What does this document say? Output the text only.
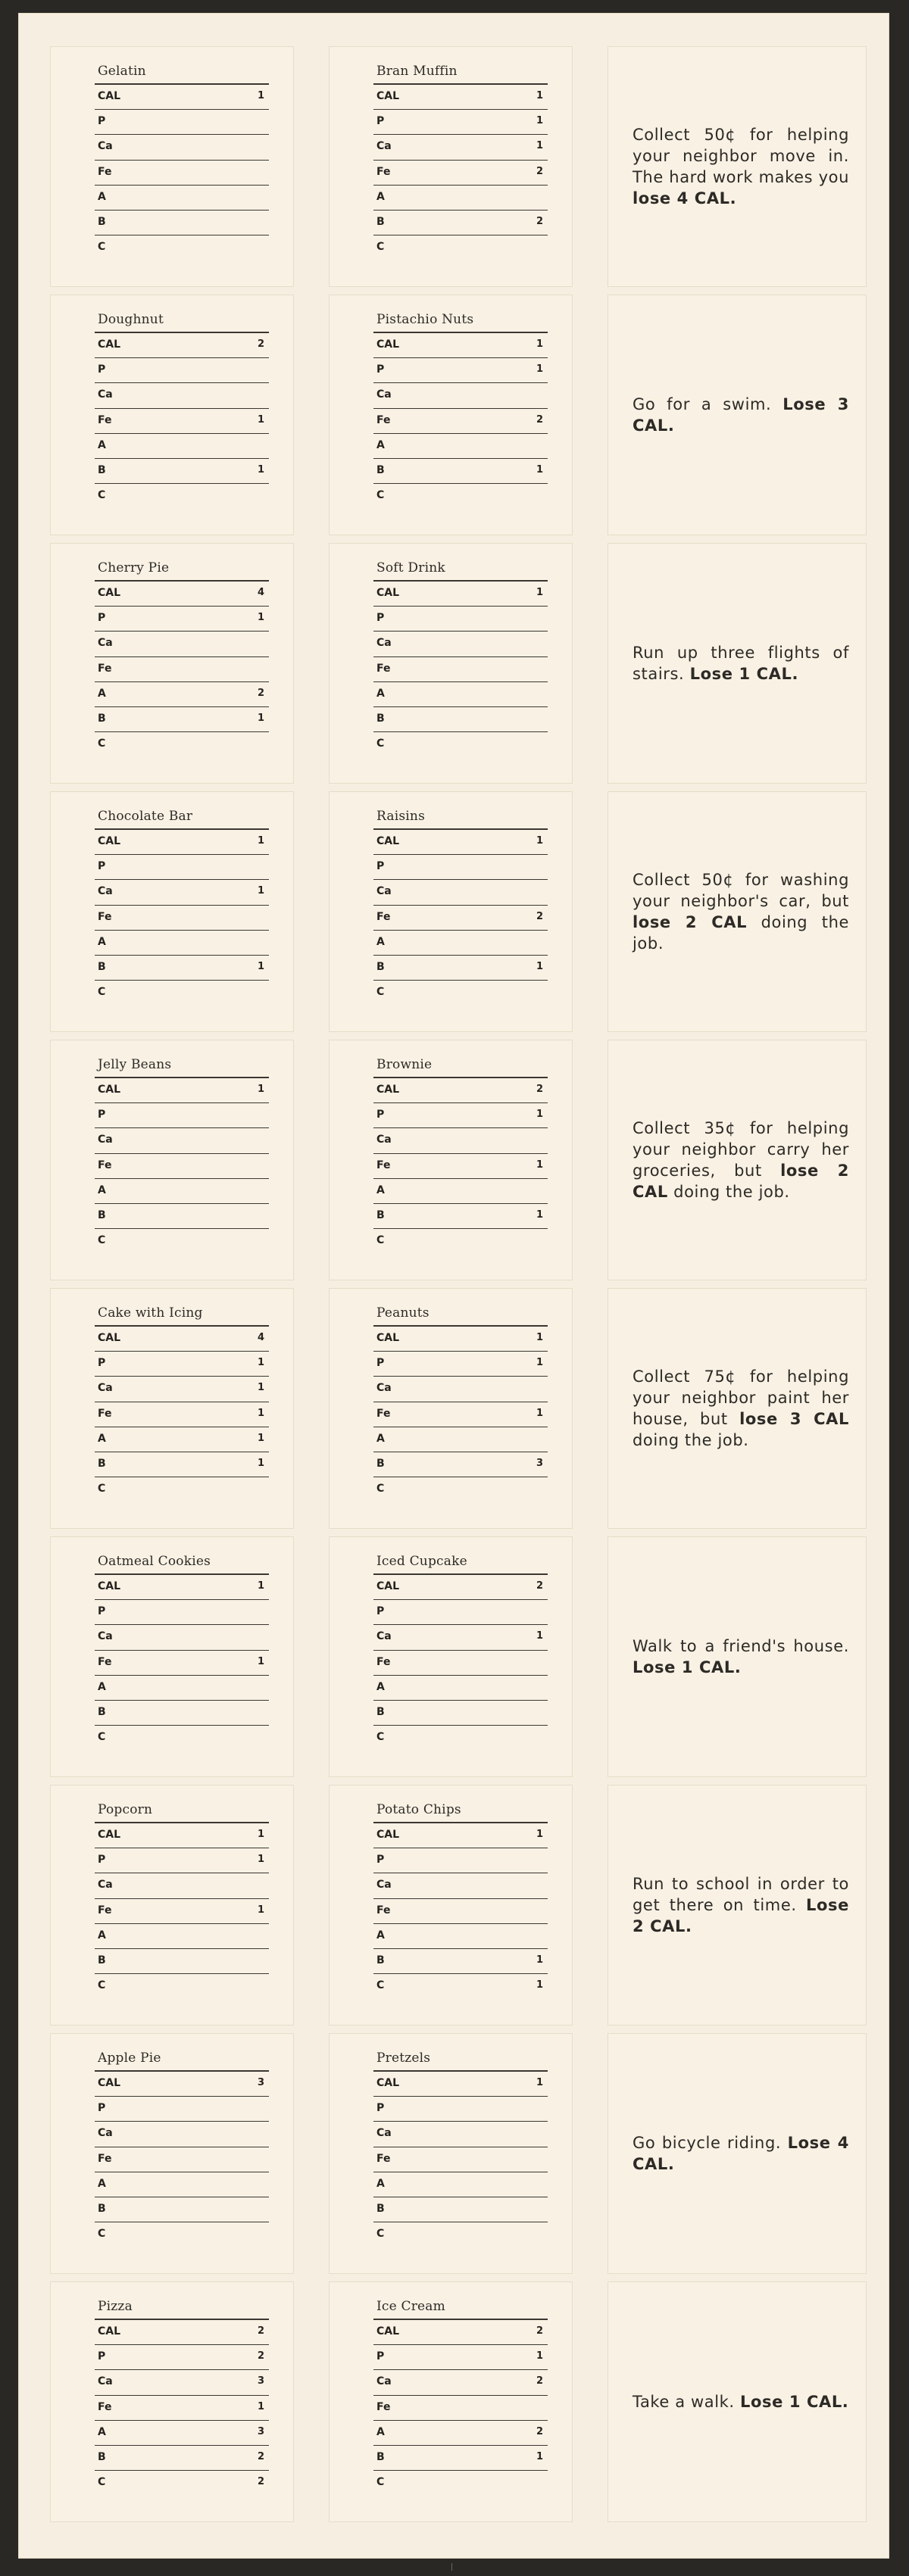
Gelatin
CAL	1
P
Ca
Fe
A
B
C
Bran Muffin
CAL	1
P	1
Ca	1
Fe	2
A
B	2
C
Collect 50¢ for helping your neighbor move in. The hard work makes you lose 4 CAL.
Doughnut
CAL	2
P
Ca
Fe	1
A
B	1
C
Pistachio Nuts
CAL	1
P	1
Ca
Fe	2
A
B	1
C
Go for a swim. Lose 3 CAL.
Cherry Pie
CAL	4
P	1
Ca
Fe
A	2
B	1
C
Soft Drink
CAL	1
P
Ca
Fe
A
B
C
Run up three flights of stairs. Lose 1 CAL.
Chocolate Bar
CAL	1
P
Ca	1
Fe
A
B	1
C
Raisins
CAL	1
P
Ca
Fe	2
A
B	1
C
Collect 50¢ for washing your neighbor's car, but lose 2 CAL doing the job.
Jelly Beans
CAL	1
P
Ca
Fe
A
B
C
Brownie
CAL	2
P	1
Ca
Fe	1
A
B	1
C
Collect 35¢ for helping your neighbor carry her groceries, but lose 2 CAL doing the job.
Cake with Icing
CAL	4
P	1
Ca	1
Fe	1
A	1
B	1
C
Peanuts
CAL	1
P	1
Ca
Fe	1
A
B	3
C
Collect 75¢ for helping your neighbor paint her house, but lose 3 CAL doing the job.
Oatmeal Cookies
CAL	1
P
Ca
Fe	1
A
B
C
Iced Cupcake
CAL	2
P
Ca	1
Fe
A
B
C
Walk to a friend's house. Lose 1 CAL.
Popcorn
CAL	1
P	1
Ca
Fe	1
A
B
C
Potato Chips
CAL	1
P
Ca
Fe
A
B	1
C	1
Run to school in order to get there on time. Lose 2 CAL.
Apple Pie
CAL	3
P
Ca
Fe
A
B
C
Pretzels
CAL	1
P
Ca
Fe
A
B
C
Go bicycle riding. Lose 4 CAL.
Pizza
CAL	2
P	2
Ca	3
Fe	1
A	3
B	2
C	2
Ice Cream
CAL	2
P	1
Ca	2
Fe
A	2
B	1
C
Take a walk. Lose 1 CAL.
